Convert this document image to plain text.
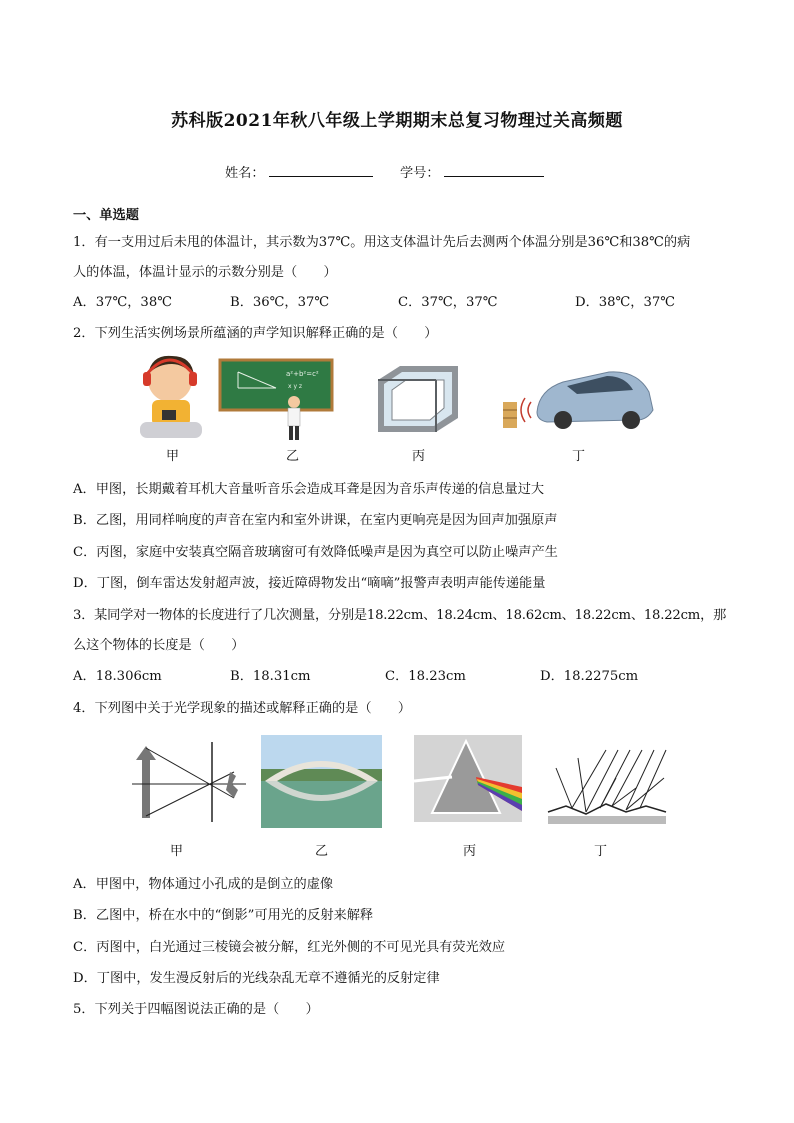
苏科版2021年秋八年级上学期期末总复习物理过关高频题
姓名：	学号：
一、单选题
1．有一支用过后未甩的体温计，其示数为37℃。用这支体温计先后去测两个体温分别是36℃和38℃的病
人的体温，体温计显示的示数分别是（　　）
A．37℃，38℃	B．36℃，37℃	C．37℃，37℃	D．38℃，37℃
2．下列生活实例场景所蕴涵的声学知识解释正确的是（　　）
a²+b²=c²
x y z
甲	乙	丙	丁
A．甲图，长期戴着耳机大音量听音乐会造成耳聋是因为音乐声传递的信息量过大
B．乙图，用同样响度的声音在室内和室外讲课，在室内更响亮是因为回声加强原声
C．丙图，家庭中安装真空隔音玻璃窗可有效降低噪声是因为真空可以防止噪声产生
D．丁图，倒车雷达发射超声波，接近障碍物发出“嘀嘀”报警声表明声能传递能量
3．某同学对一物体的长度进行了几次测量，分别是18.22cm、18.24cm、18.62cm、18.22cm、18.22cm，那
么这个物体的长度是（　　）
A．18.306cm	B．18.31cm	C．18.23cm	D．18.2275cm
4．下列图中关于光学现象的描述或解释正确的是（　　）
甲	乙	丙	丁
A．甲图中，物体通过小孔成的是倒立的虚像
B．乙图中，桥在水中的“倒影”可用光的反射来解释
C．丙图中，白光通过三棱镜会被分解，红光外侧的不可见光具有荧光效应
D．丁图中，发生漫反射后的光线杂乱无章不遵循光的反射定律
5．下列关于四幅图说法正确的是（　　）
